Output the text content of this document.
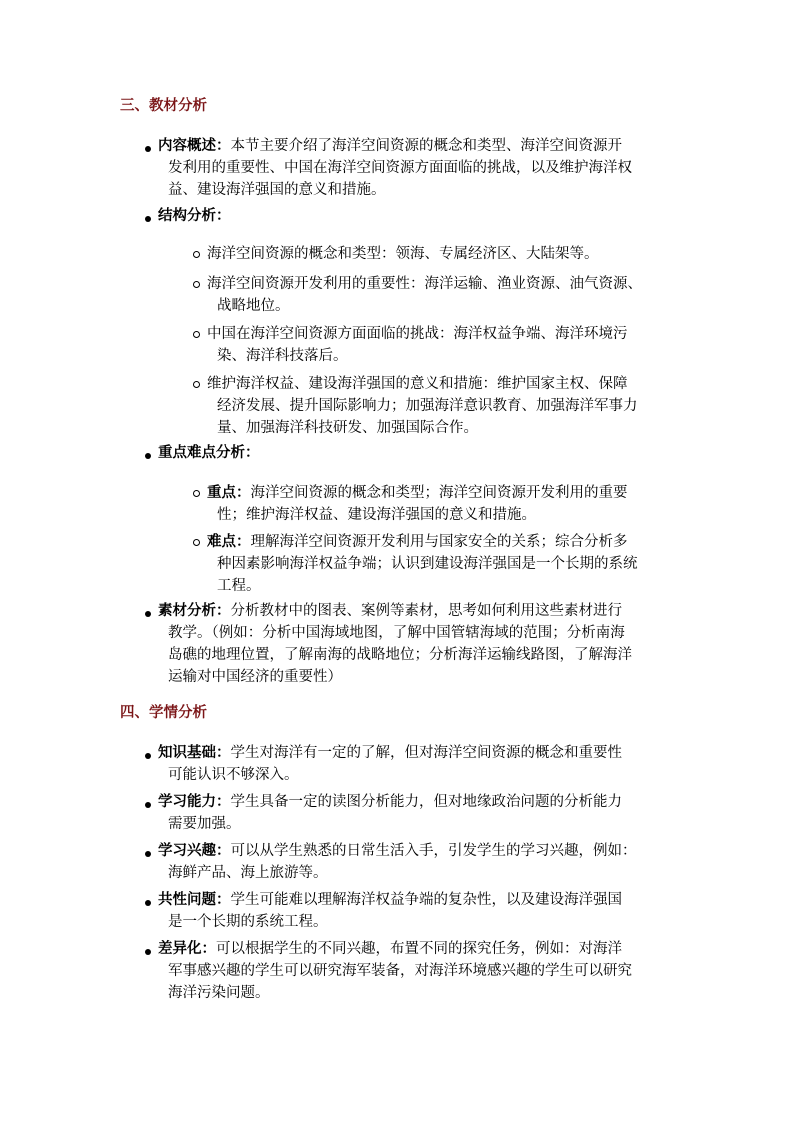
三、教材分析
内容概述：本节主要介绍了海洋空间资源的概念和类型、海洋空间资源开
发利用的重要性、中国在海洋空间资源方面面临的挑战，以及维护海洋权
益、建设海洋强国的意义和措施。
结构分析：
海洋空间资源的概念和类型：领海、专属经济区、大陆架等。
海洋空间资源开发利用的重要性：海洋运输、渔业资源、油气资源、
战略地位。
中国在海洋空间资源方面面临的挑战：海洋权益争端、海洋环境污
染、海洋科技落后。
维护海洋权益、建设海洋强国的意义和措施：维护国家主权、保障
经济发展、提升国际影响力；加强海洋意识教育、加强海洋军事力
量、加强海洋科技研发、加强国际合作。
重点难点分析：
重点：海洋空间资源的概念和类型；海洋空间资源开发利用的重要
性；维护海洋权益、建设海洋强国的意义和措施。
难点：理解海洋空间资源开发利用与国家安全的关系；综合分析多
种因素影响海洋权益争端；认识到建设海洋强国是一个长期的系统
工程。
素材分析：分析教材中的图表、案例等素材，思考如何利用这些素材进行
教学。（例如：分析中国海域地图，了解中国管辖海域的范围；分析南海
岛礁的地理位置，了解南海的战略地位；分析海洋运输线路图，了解海洋
运输对中国经济的重要性）
四、学情分析
知识基础：学生对海洋有一定的了解，但对海洋空间资源的概念和重要性
可能认识不够深入。
学习能力：学生具备一定的读图分析能力，但对地缘政治问题的分析能力
需要加强。
学习兴趣：可以从学生熟悉的日常生活入手，引发学生的学习兴趣，例如：
海鲜产品、海上旅游等。
共性问题：学生可能难以理解海洋权益争端的复杂性，以及建设海洋强国
是一个长期的系统工程。
差异化：可以根据学生的不同兴趣，布置不同的探究任务，例如：对海洋
军事感兴趣的学生可以研究海军装备，对海洋环境感兴趣的学生可以研究
海洋污染问题。
